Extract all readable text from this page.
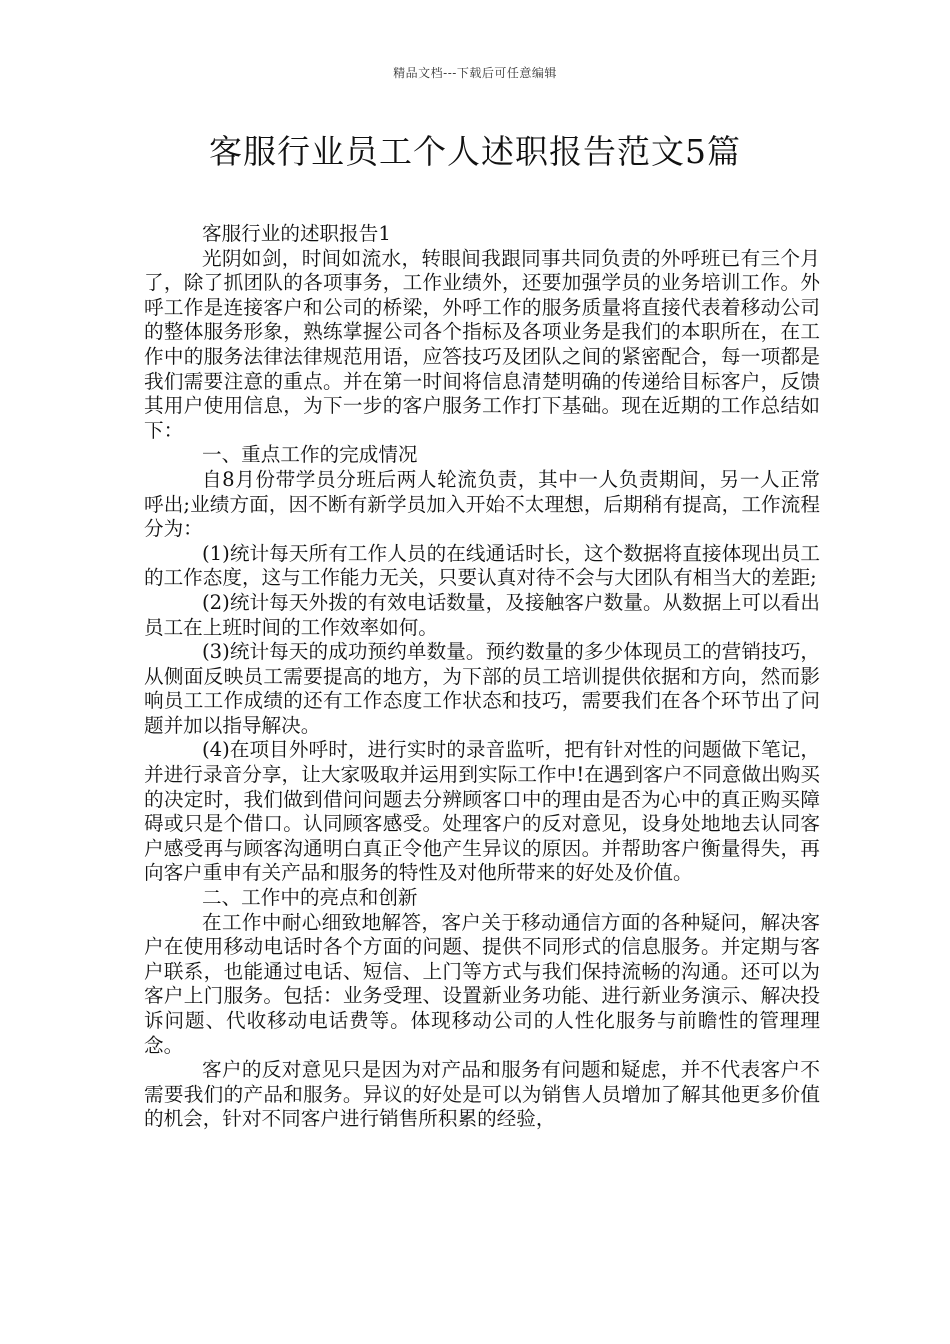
精品文档---下载后可任意编辑
客服行业员工个人述职报告范文5篇

客服行业的述职报告1

光阴如剑，时间如流水，转眼间我跟同事共同负责的外呼班已有三个月了，除了抓团队的各项事务，工作业绩外，还要加强学员的业务培训工作。外呼工作是连接客户和公司的桥梁，外呼工作的服务质量将直接代表着移动公司的整体服务形象，熟练掌握公司各个指标及各项业务是我们的本职所在，在工作中的服务法律法律规范用语，应答技巧及团队之间的紧密配合，每一项都是我们需要注意的重点。并在第一时间将信息清楚明确的传递给目标客户，反馈其用户使用信息，为下一步的客户服务工作打下基础。现在近期的工作总结如下：

一、重点工作的完成情况

自8月份带学员分班后两人轮流负责，其中一人负责期间，另一人正常呼出;业绩方面，因不断有新学员加入开始不太理想，后期稍有提高，工作流程分为：

(1)统计每天所有工作人员的在线通话时长，这个数据将直接体现出员工的工作态度，这与工作能力无关，只要认真对待不会与大团队有相当大的差距;

(2)统计每天外拨的有效电话数量，及接触客户数量。从数据上可以看出员工在上班时间的工作效率如何。

(3)统计每天的成功预约单数量。预约数量的多少体现员工的营销技巧，从侧面反映员工需要提高的地方，为下部的员工培训提供依据和方向，然而影响员工工作成绩的还有工作态度工作状态和技巧，需要我们在各个环节出了问题并加以指导解决。

(4)在项目外呼时，进行实时的录音监听，把有针对性的问题做下笔记，并进行录音分享，让大家吸取并运用到实际工作中!在遇到客户不同意做出购买的决定时，我们做到借问问题去分辨顾客口中的理由是否为心中的真正购买障碍或只是个借口。认同顾客感受。处理客户的反对意见，设身处地地去认同客户感受再与顾客沟通明白真正令他产生异议的原因。并帮助客户衡量得失，再向客户重申有关产品和服务的特性及对他所带来的好处及价值。

二、工作中的亮点和创新

在工作中耐心细致地解答，客户关于移动通信方面的各种疑问，解决客户在使用移动电话时各个方面的问题、提供不同形式的信息服务。并定期与客户联系，也能通过电话、短信、上门等方式与我们保持流畅的沟通。还可以为客户上门服务。包括：业务受理、设置新业务功能、进行新业务演示、解决投诉问题、代收移动电话费等。体现移动公司的人性化服务与前瞻性的管理理念。

客户的反对意见只是因为对产品和服务有问题和疑虑，并不代表客户不需要我们的产品和服务。异议的好处是可以为销售人员增加了解其他更多价值的机会，针对不同客户进行销售所积累的经验，
